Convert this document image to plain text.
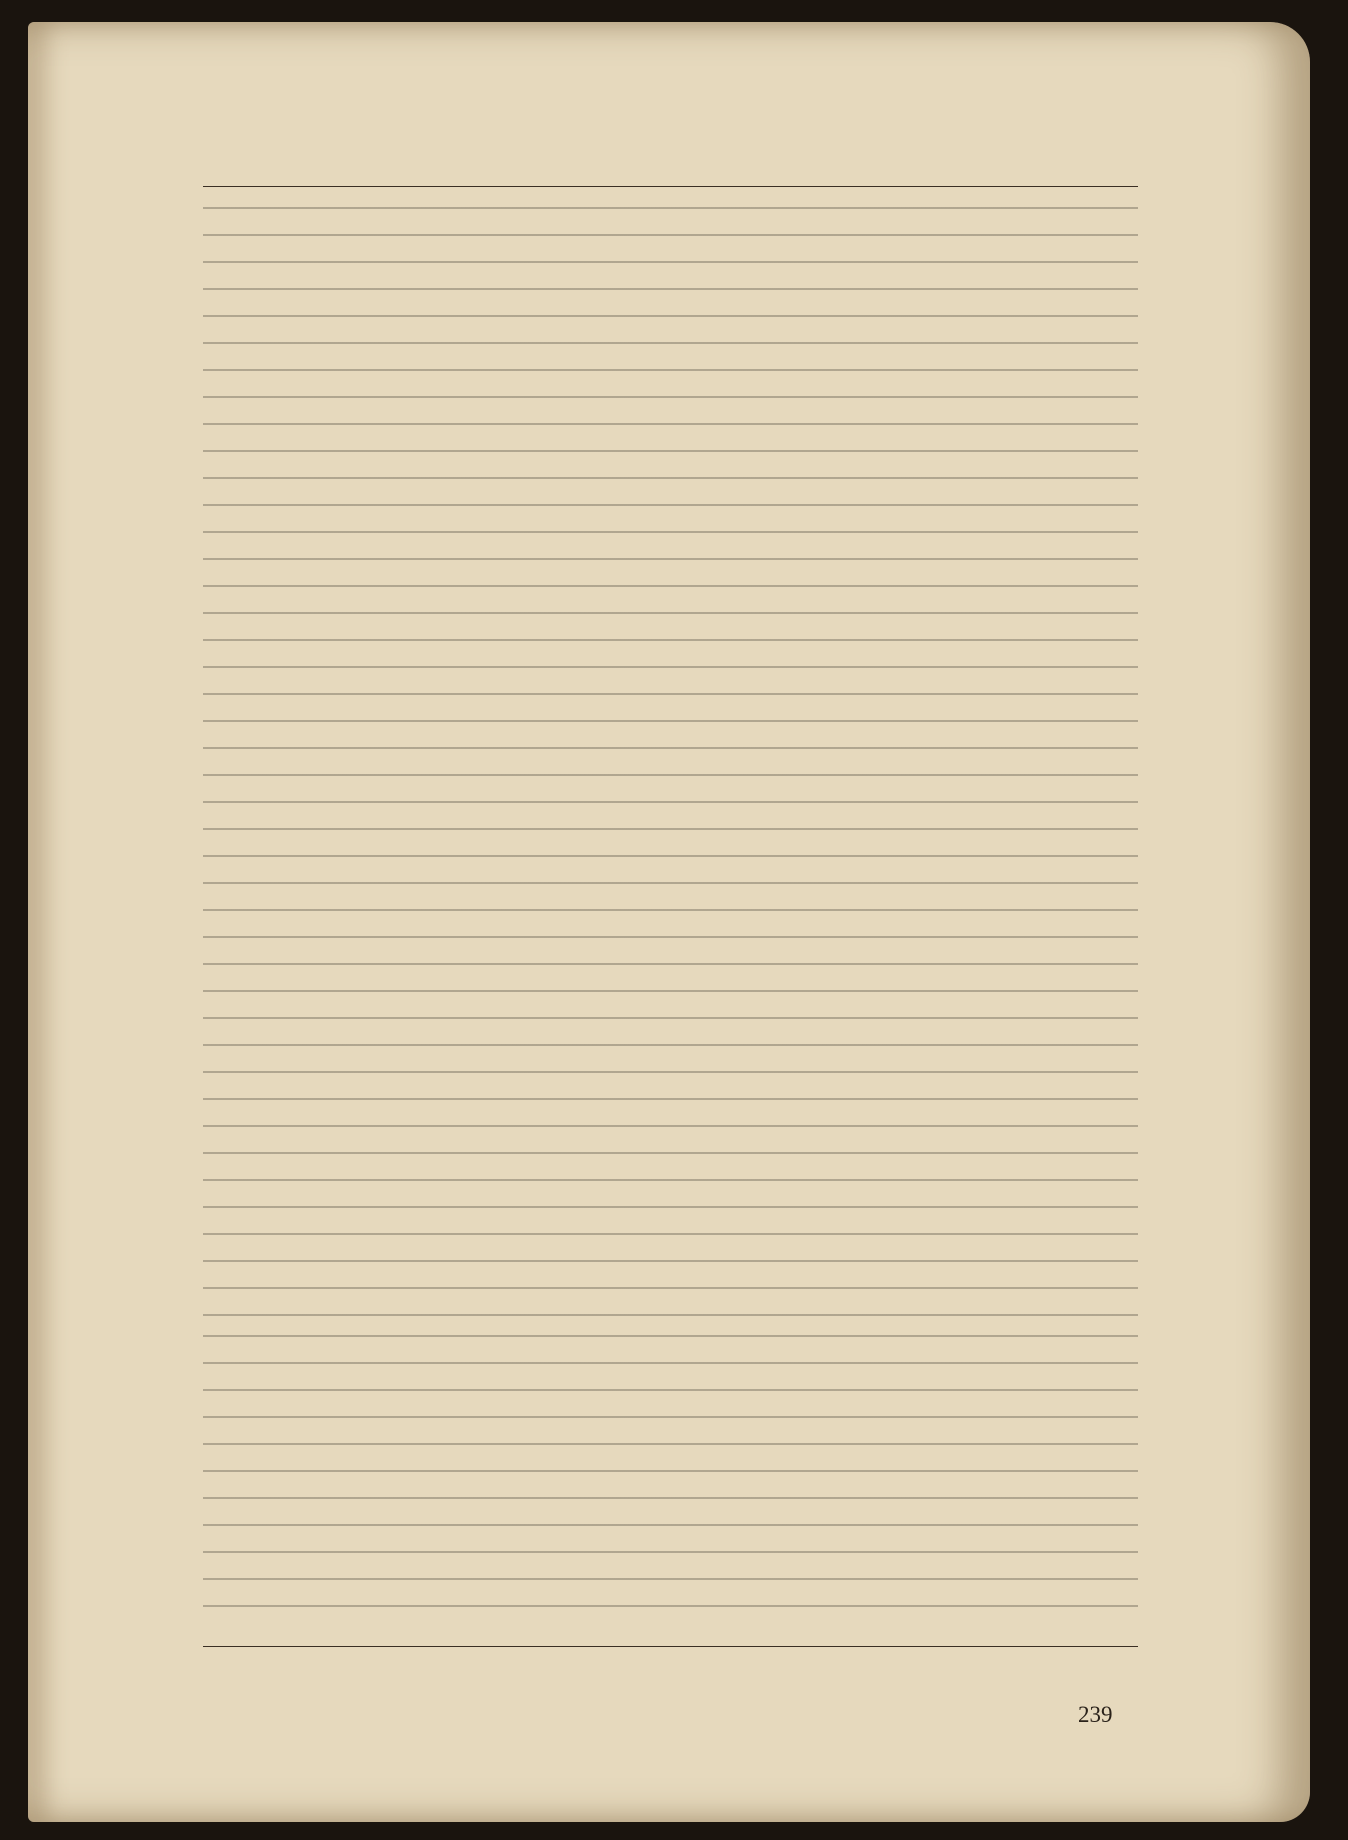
239
